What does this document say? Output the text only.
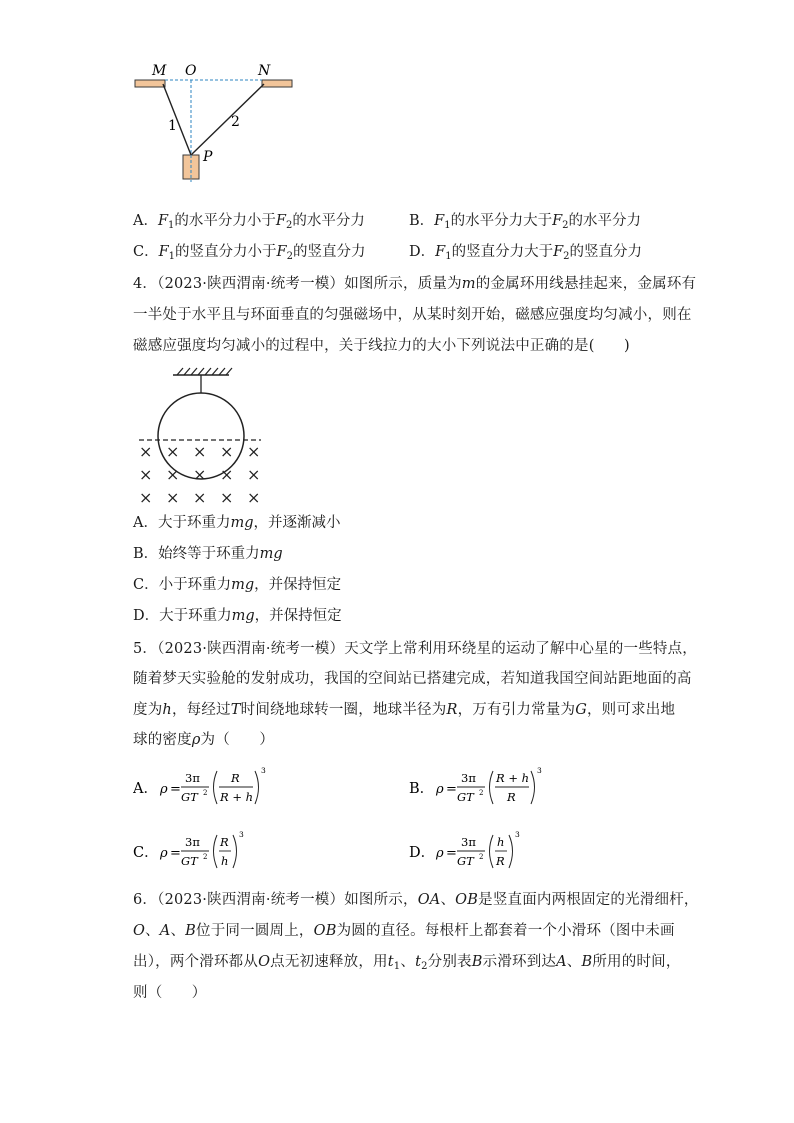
M O	N
1	2
P
A．$F_1$的水平分力小于$F_2$的水平分力	B．$F_1$的水平分力大于$F_2$的水平分力
C．$F_1$的竖直分力小于$F_2$的竖直分力	D．$F_1$的竖直分力大于$F_2$的竖直分力
4．（2023·陕西渭南·统考一模）如图所示，质量为m的金属环用线悬挂起来，金属环有
一半处于水平且与环面垂直的匀强磁场中，从某时刻开始，磁感应强度均匀减小，则在
磁感应强度均匀减小的过程中，关于线拉力的大小下列说法中正确的是(　　)
× × × × ×
× × × × ×
× × × × ×
A．大于环重力mg，并逐渐减小
B．始终等于环重力mg
C．小于环重力mg，并保持恒定
D．大于环重力mg，并保持恒定
5．（2023·陕西渭南·统考一模）天文学上常利用环绕星的运动了解中心星的一些特点，
随着梦天实验舱的发射成功，我国的空间站已搭建完成，若知道我国空间站距地面的高
度为h，每经过T时间绕地球转一圈，地球半径为R，万有引力常量为G，则可求出地
球的密度ρ为（　　）
A． ρ =
3π
GT 2
R
R + h
3
B． ρ =
3π
GT 2
R + h
R
3
C． ρ =
3π
GT 2
R
h
3
D． ρ =
3π
GT 2
h
R
3
6．（2023·陕西渭南·统考一模）如图所示，OA、OB是竖直面内两根固定的光滑细杆，
O、A、B位于同一圆周上，OB为圆的直径。每根杆上都套着一个小滑环（图中未画
出），两个滑环都从O点无初速释放，用$t_1$、$t_2$分别表B示滑环到达A、B所用的时间，
则（　　）
